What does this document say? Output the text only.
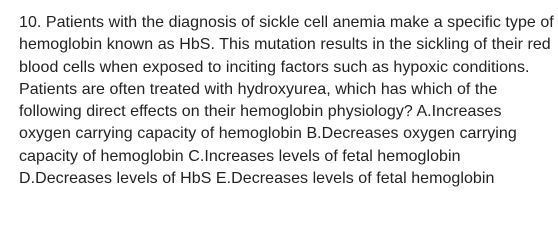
10. Patients with the diagnosis of sickle cell anemia make a specific type of hemoglobin known as HbS. This mutation results in the sickling of their red blood cells when exposed to inciting factors such as hypoxic conditions. Patients are often treated with hydroxyurea, which has which of the following direct effects on their hemoglobin physiology? A.Increases oxygen carrying capacity of hemoglobin B.Decreases oxygen carrying capacity of hemoglobin C.Increases levels of fetal hemoglobin D.Decreases levels of HbS E.Decreases levels of fetal hemoglobin
